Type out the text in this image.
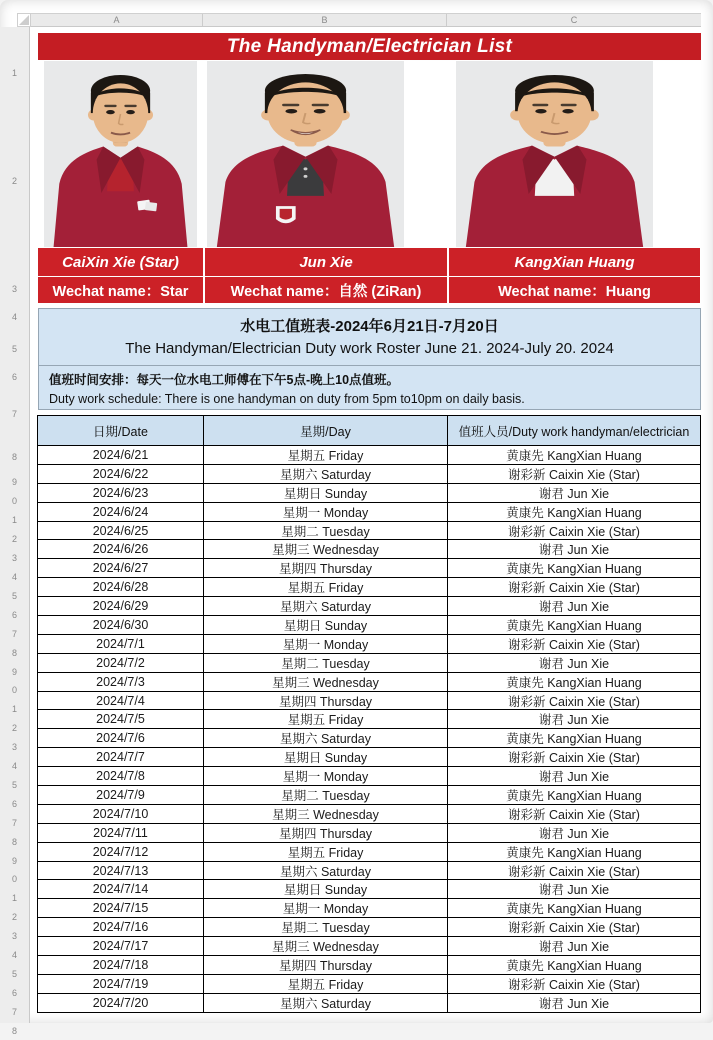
A	B	C
1
2
3
4
5
6
7
8
9
0
1
2
3
4
5
6
7
8
9
0
1
2
3
4
5
6
7
8
9
0
1
2
3
4
5
6
7
8
The Handyman/Electrician List
CaiXin Xie (Star)	Jun Xie	KangXian Huang
Wechat name：Star	Wechat name：自然 (ZiRan)	Wechat name：Huang
水电工值班表-2024年6月21日-7月20日
The Handyman/Electrician Duty work Roster June 21. 2024-July 20. 2024
值班时间安排：每天一位水电工师傅在下午5点-晚上10点值班。
Duty work schedule: There is one handyman on duty from 5pm to10pm on daily basis.
日期/Date	星期/Day	值班人员/Duty work handyman/electrician
2024/6/21	星期五 Friday	黄康先 KangXian Huang
2024/6/22	星期六 Saturday	谢彩新 Caixin Xie (Star)
2024/6/23	星期日 Sunday	谢君 Jun Xie
2024/6/24	星期一 Monday	黄康先 KangXian Huang
2024/6/25	星期二 Tuesday	谢彩新 Caixin Xie (Star)
2024/6/26	星期三 Wednesday	谢君 Jun Xie
2024/6/27	星期四 Thursday	黄康先 KangXian Huang
2024/6/28	星期五 Friday	谢彩新 Caixin Xie (Star)
2024/6/29	星期六 Saturday	谢君 Jun Xie
2024/6/30	星期日 Sunday	黄康先 KangXian Huang
2024/7/1	星期一 Monday	谢彩新 Caixin Xie (Star)
2024/7/2	星期二 Tuesday	谢君 Jun Xie
2024/7/3	星期三 Wednesday	黄康先 KangXian Huang
2024/7/4	星期四 Thursday	谢彩新 Caixin Xie (Star)
2024/7/5	星期五 Friday	谢君 Jun Xie
2024/7/6	星期六 Saturday	黄康先 KangXian Huang
2024/7/7	星期日 Sunday	谢彩新 Caixin Xie (Star)
2024/7/8	星期一 Monday	谢君 Jun Xie
2024/7/9	星期二 Tuesday	黄康先 KangXian Huang
2024/7/10	星期三 Wednesday	谢彩新 Caixin Xie (Star)
2024/7/11	星期四 Thursday	谢君 Jun Xie
2024/7/12	星期五 Friday	黄康先 KangXian Huang
2024/7/13	星期六 Saturday	谢彩新 Caixin Xie (Star)
2024/7/14	星期日 Sunday	谢君 Jun Xie
2024/7/15	星期一 Monday	黄康先 KangXian Huang
2024/7/16	星期二 Tuesday	谢彩新 Caixin Xie (Star)
2024/7/17	星期三 Wednesday	谢君 Jun Xie
2024/7/18	星期四 Thursday	黄康先 KangXian Huang
2024/7/19	星期五 Friday	谢彩新 Caixin Xie (Star)
2024/7/20	星期六 Saturday	谢君 Jun Xie
